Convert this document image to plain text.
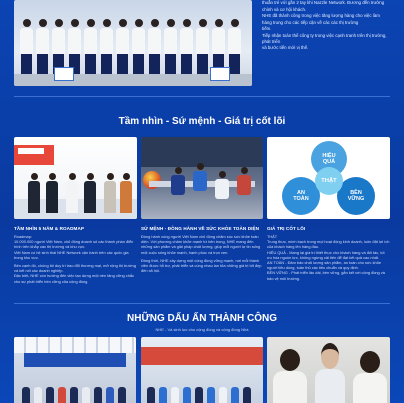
thuẫn trẻ với gần 2 tay khi Nazzle Network. Đương đến trưởng

chính và cơ hội khách.

NHE đã thành công trong việc tăng lượng hàng cho việc làm

hàng trung cho các tiếp cận về các các thị trường

tiếm.

Tiếp nhận toàn thể công ty trong việc cạnh tranh trên thị trường, phát triển

và bước tiến mới vị thế.

Tầm nhìn - Sứ mệnh - Giá trị cốt lõi
HIỆU QUẢ
AN TOÀN
BỀN VỮNG
THẬT
TẦM NHÌN 5 NĂM & ROADMAP	SỨ MỆNH - ĐỒNG HÀNH VỀ SỨC KHỎE TOÀN DIỆN	GIÁ TRỊ CỐT LÕI

Roadmap:

10.000.000 người Việt Nam, chủ động doanh số các thành phần điển hình trên khắp các thị trường và khu vực.

Việt Nam có hệ sinh thái NHE Network vận hành trên các quốc gia trong khu vực.

Bên cạnh đó, chúng tôi duy trì trao đổi thương mại, mở rộng thị trường và kết nối các doanh nghiệp.

Đặc biệt, NHE còn hướng đến việc tạo dựng một nền tảng vững chắc cho sự phát triển bền vững của cộng đồng.

Đồng hành cùng người Việt Nam chủ động chăm sóc sức khỏe toàn diện. Với phương châm khỏe mạnh từ bên trong, NHE mang đến những sản phẩm và giải pháp chất lượng, giúp mỗi người tự tin sống một cuộc sống khỏe mạnh, hạnh phúc và trọn vẹn.

Đồng thời, NHE xây dựng một cộng đồng vững mạnh, nơi mỗi thành viên được hỗ trợ, phát triển và cùng nhau lan tỏa những giá trị tốt đẹp đến xã hội.

THẬT

Trung thực, minh bạch trong mọi hoạt động kinh doanh, luôn đặt lợi ích của khách hàng lên hàng đầu.

HIỆU QUẢ - Mang lại giá trị thiết thực cho khách hàng và đối tác, tối ưu hóa nguồn lực, không ngừng cải tiến để đạt kết quả cao nhất.

AN TOÀN - Đảm bảo chất lượng sản phẩm, an toàn cho sức khỏe người tiêu dùng, tuân thủ các tiêu chuẩn và quy định.

BỀN VỮNG - Phát triển lâu dài, bền vững, gắn kết với cộng đồng và bảo vệ môi trường.

NHỮNG DẤU ẤN THÀNH CÔNG
NHE - Và sinh lực cho cộng đồng và cộng đồng Nhà
